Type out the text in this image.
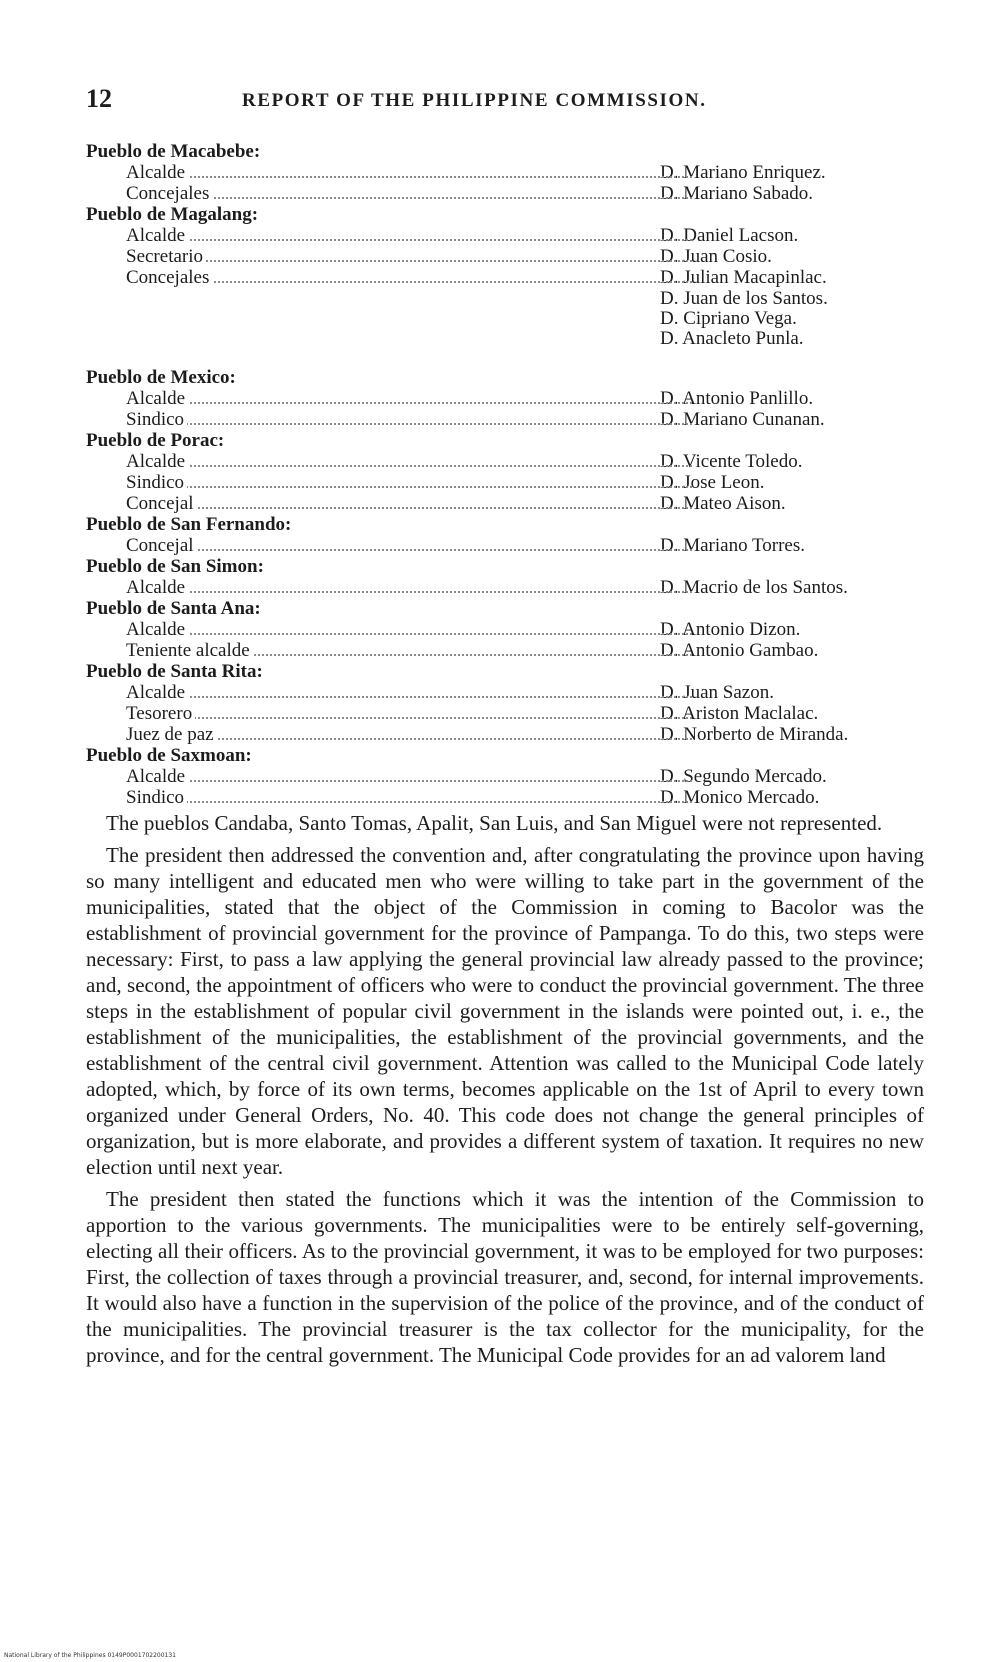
12	REPORT OF THE PHILIPPINE COMMISSION.
Pueblo de Macabebe:
Alcalde	D. Mariano Enriquez.
Concejales	D. Mariano Sabado.
Pueblo de Magalang:
Alcalde	D. Daniel Lacson.
Secretario	D. Juan Cosio.
Concejales	D. Julian Macapinlac.
D. Juan de los Santos.
D. Cipriano Vega.
D. Anacleto Punla.
Pueblo de Mexico:
Alcalde	D. Antonio Panlillo.
Sindico	D. Mariano Cunanan.
Pueblo de Porac:
Alcalde	D. Vicente Toledo.
Sindico	D. Jose Leon.
Concejal	D. Mateo Aison.
Pueblo de San Fernando:
Concejal	D. Mariano Torres.
Pueblo de San Simon:
Alcalde	D. Macrio de los Santos.
Pueblo de Santa Ana:
Alcalde	D. Antonio Dizon.
Teniente alcalde	D. Antonio Gambao.
Pueblo de Santa Rita:
Alcalde	D. Juan Sazon.
Tesorero	D. Ariston Maclalac.
Juez de paz	D. Norberto de Miranda.
Pueblo de Saxmoan:
Alcalde	D. Segundo Mercado.
Sindico	D. Monico Mercado.

The pueblos Candaba, Santo Tomas, Apalit, San Luis, and San Miguel were not represented.

The president then addressed the convention and, after congratulating the province upon having so many intelligent and educated men who were willing to take part in the government of the municipalities, stated that the object of the Commission in coming to Bacolor was the establishment of provincial government for the province of Pampanga. To do this, two steps were necessary: First, to pass a law applying the general provincial law already passed to the province; and, second, the appointment of officers who were to conduct the provincial government. The three steps in the establishment of popular civil government in the islands were pointed out, i. e., the establishment of the municipalities, the establishment of the provincial governments, and the establishment of the central civil government. Attention was called to the Municipal Code lately adopted, which, by force of its own terms, becomes applicable on the 1st of April to every town organized under General Orders, No. 40. This code does not change the general principles of organization, but is more elaborate, and provides a different system of taxation. It requires no new election until next year.

The president then stated the functions which it was the intention of the Commission to apportion to the various governments. The municipalities were to be entirely self-governing, electing all their officers. As to the provincial government, it was to be employed for two purposes: First, the collection of taxes through a provincial treasurer, and, second, for internal improvements. It would also have a function in the supervision of the police of the province, and of the conduct of the municipalities. The provincial treasurer is the tax collector for the municipality, for the province, and for the central government. The Municipal Code provides for an ad valorem land

National Library of the Philippines 0149P0001702200131
